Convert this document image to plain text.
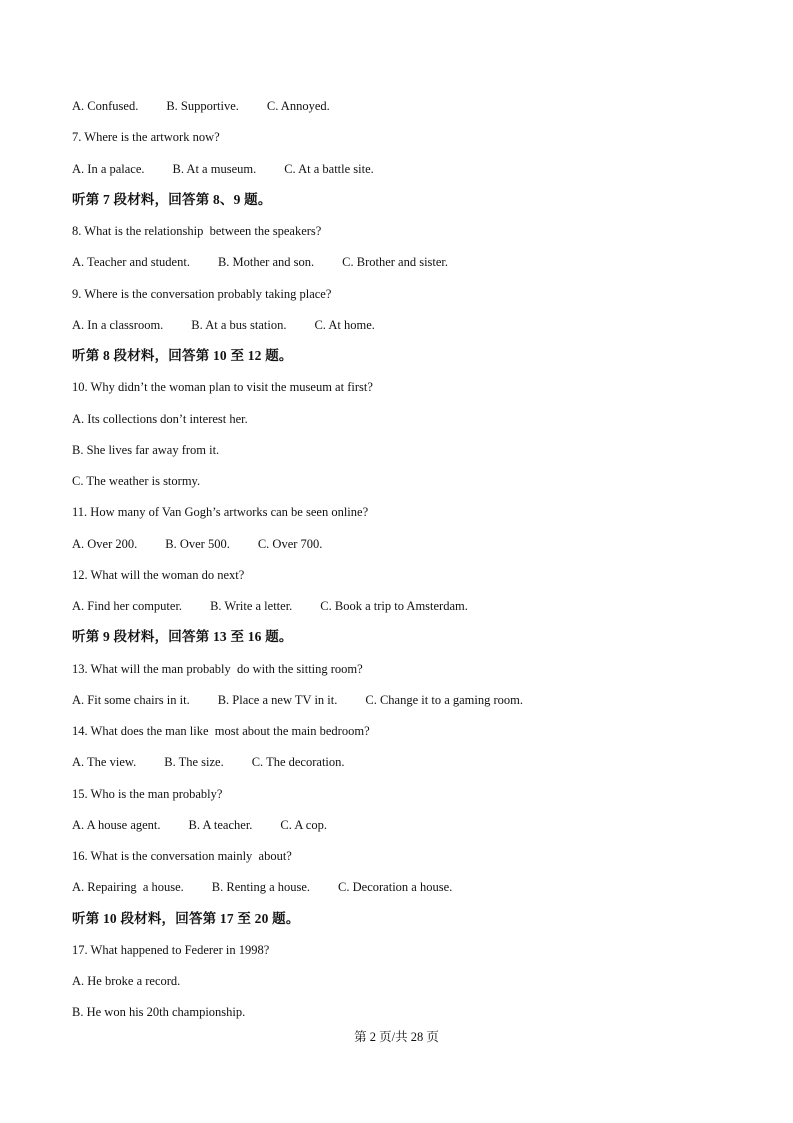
A. Confused. B. Supportive. C. Annoyed.
7. Where is the artwork now?
A. In a palace. B. At a museum. C. At a battle site.
听第 7 段材料，回答第 8、9 题。
8. What is the relationship  between the speakers?
A. Teacher and student. B. Mother and son. C. Brother and sister.
9. Where is the conversation probably taking place?
A. In a classroom. B. At a bus station. C. At home.
听第 8 段材料，回答第 10 至 12 题。
10. Why didn’t the woman plan to visit the museum at first?
A. Its collections don’t interest her.
B. She lives far away from it.
C. The weather is stormy.
11. How many of Van Gogh’s artworks can be seen online?
A. Over 200. B. Over 500. C. Over 700.
12. What will the woman do next?
A. Find her computer. B. Write a letter. C. Book a trip to Amsterdam.
听第 9 段材料，回答第 13 至 16 题。
13. What will the man probably  do with the sitting room?
A. Fit some chairs in it. B. Place a new TV in it. C. Change it to a gaming room.
14. What does the man like  most about the main bedroom?
A. The view. B. The size. C. The decoration.
15. Who is the man probably?
A. A house agent. B. A teacher. C. A cop.
16. What is the conversation mainly  about?
A. Repairing  a house. B. Renting a house. C. Decoration a house.
听第 10 段材料，回答第 17 至 20 题。
17. What happened to Federer in 1998?
A. He broke a record.
B. He won his 20th championship.
第 2 页/共 28 页
